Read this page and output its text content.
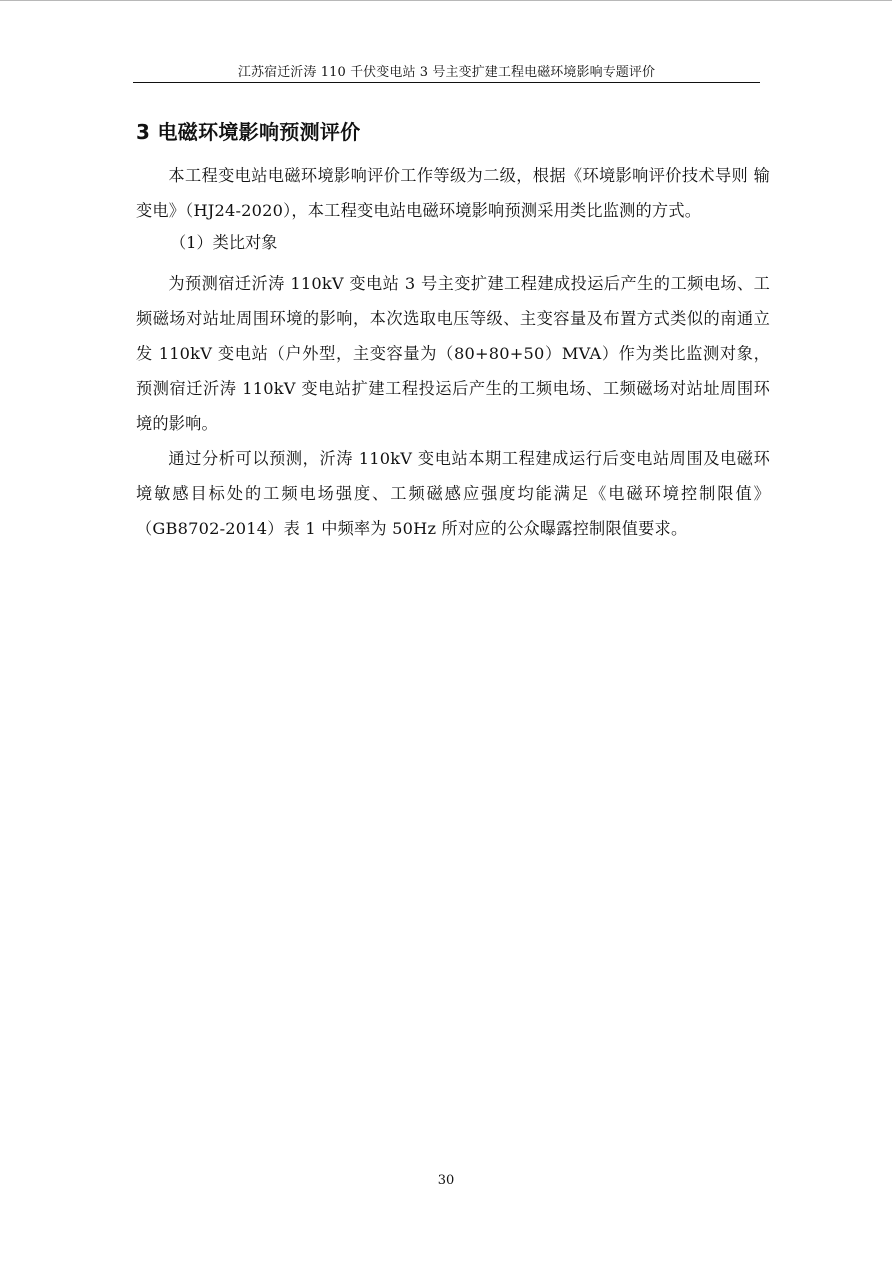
江苏宿迁沂涛 110 千伏变电站 3 号主变扩建工程电磁环境影响专题评价
3 电磁环境影响预测评价

本工程变电站电磁环境影响评价工作等级为二级，根据《环境影响评价技术导则 输变电》（HJ24-2020），本工程变电站电磁环境影响预测采用类比监测的方式。

（1）类比对象

为预测宿迁沂涛 110kV 变电站 3 号主变扩建工程建成投运后产生的工频电场、工频磁场对站址周围环境的影响，本次选取电压等级、主变容量及布置方式类似的南通立发 110kV 变电站（户外型，主变容量为（80+80+50）MVA）作为类比监测对象，预测宿迁沂涛 110kV 变电站扩建工程投运后产生的工频电场、工频磁场对站址周围环境的影响。

通过分析可以预测，沂涛 110kV 变电站本期工程建成运行后变电站周围及电磁环境敏感目标处的工频电场强度、工频磁感应强度均能满足《电磁环境控制限值》（GB8702-2014）表 1 中频率为 50Hz 所对应的公众曝露控制限值要求。

30
